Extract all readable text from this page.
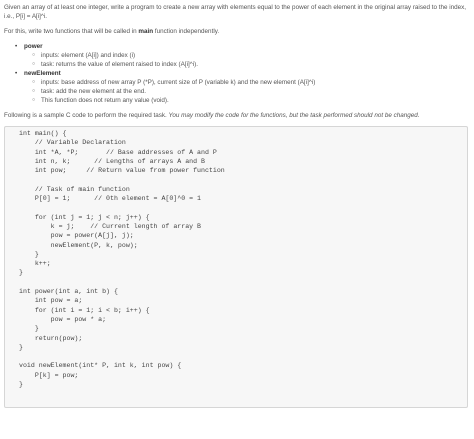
Given an array of at least one integer, write a program to create a new array with elements equal to the power of each element in the original array raised to the index, i.e., P[i] = A[i]^i.

For this, write two functions that will be called in main function independently.

• power
○ inputs: element (A[i]) and index (i)
○ task: returns the value of element raised to index (A[i]^i).
• newElement
○ inputs: base address of new array P (*P), current size of P (variable k) and the new element (A[i]^i)
○ task: add the new element at the end.
○ This function does not return any value (void).

Following is a sample C code to perform the required task. You may modify the code for the functions, but the task performed should not be changed.

int main() {
// Variable Declaration
int *A, *P;       // Base addresses of A and P
int n, k;      // Lengths of arrays A and B
int pow;     // Return value from power function

// Task of main function
P[0] = 1;      // 0th element = A[0]^0 = 1

for (int j = 1; j < n; j++) {
k = j;    // Current length of array B
pow = power(A[j], j);
newElement(P, k, pow);
}
k++;
}

int power(int a, int b) {
int pow = a;
for (int i = 1; i < b; i++) {
pow = pow * a;
}
return(pow);
}

void newElement(int* P, int k, int pow) {
P[k] = pow;
}
